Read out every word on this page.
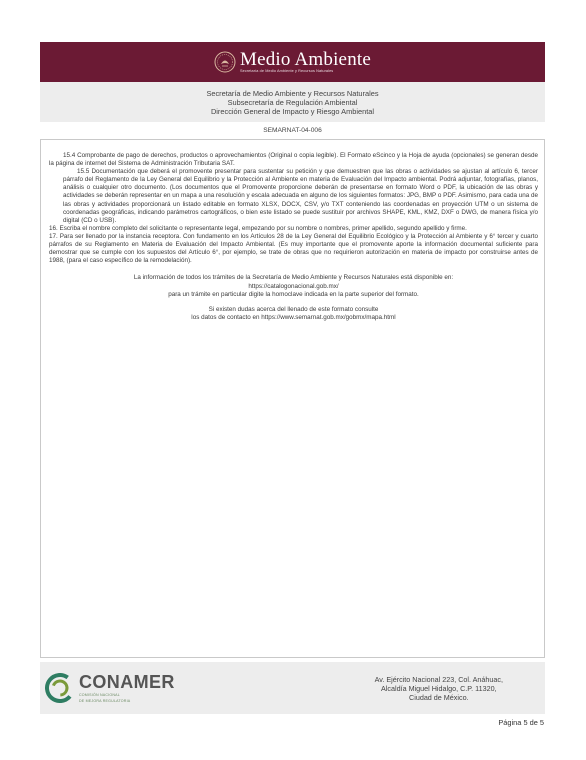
Medio Ambiente
Secretaría de Medio Ambiente y Recursos Naturales
Secretaría de Medio Ambiente y Recursos Naturales
Subsecretaría de Regulación Ambiental
Dirección General de Impacto y Riesgo Ambiental
SEMARNAT-04-006

15.4 Comprobante de pago de derechos, productos o aprovechamientos (Original o copia legible). El Formato eScinco y la Hoja de ayuda (opcionales) se generan desde la página de internet del Sistema de Administración Tributaria SAT.

15.5 Documentación que deberá el promovente presentar para sustentar su petición y que demuestren que las obras o actividades se ajustan al artículo 6, tercer párrafo del Reglamento de la Ley General del Equilibrio y la Protección al Ambiente en materia de Evaluación del Impacto ambiental. Podrá adjuntar, fotografías, planos, análisis o cualquier otro documento. (Los documentos que el Promovente proporcione deberán de presentarse en formato Word o PDF, la ubicación de las obras y actividades se deberán representar en un mapa a una resolución y escala adecuada en alguno de los siguientes formatos: JPG, BMP o PDF. Asimismo, para cada una de las obras y actividades proporcionará un listado editable en formato XLSX, DOCX, CSV, y/o TXT conteniendo las coordenadas en proyección UTM o un sistema de coordenadas geográficas, indicando parámetros cartográficos, o bien este listado se puede sustituir por archivos SHAPE, KML, KMZ, DXF o DWG, de manera física y/o digital (CD o USB).

16. Escriba el nombre completo del solicitante o representante legal, empezando por su nombre o nombres, primer apellido, segundo apellido y firme.

17. Para ser llenado por la instancia receptora. Con fundamento en los Artículos 28 de la Ley General del Equilibrio Ecológico y la Protección al Ambiente y 6° tercer y cuarto párrafos de su Reglamento en Materia de Evaluación del Impacto Ambiental. (Es muy importante que el promovente aporte la información documental suficiente para demostrar que se cumple con los supuestos del Artículo 6°, por ejemplo, se trate de obras que no requirieron autorización en materia de impacto por construirse antes de 1988, (para el caso específico de la remodelación).

La información de todos los trámites de la Secretaría de Medio Ambiente y Recursos Naturales está disponible en:
https://catalogonacional.gob.mx/
para un trámite en particular digite la homoclave indicada en la parte superior del formato.
Si existen dudas acerca del llenado de este formato consulte
los datos de contacto en https://www.semarnat.gob.mx/gobmx/mapa.html
CONAMER
COMISIÓN NACIONAL
DE MEJORA REGULATORIA
Av. Ejército Nacional 223, Col. Anáhuac,
Alcaldía Miguel Hidalgo, C.P. 11320,
Ciudad de México.
Página 5 de 5
